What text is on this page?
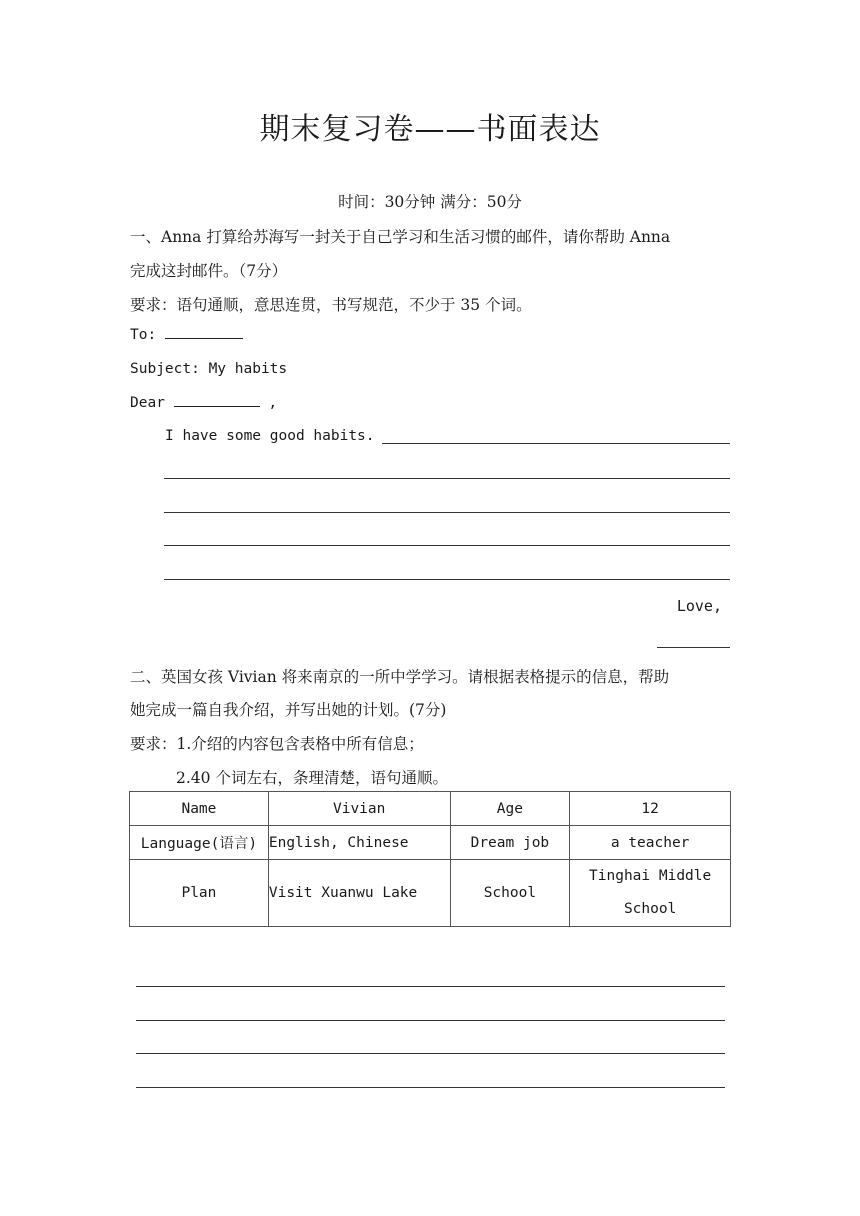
期末复习卷——书面表达
时间：30分钟 满分：50分
一、Anna 打算给苏海写一封关于自己学习和生活习惯的邮件，请你帮助 Anna
完成这封邮件。（7分）
要求：语句通顺，意思连贯，书写规范，不少于 35 个词。
To:
Subject: My habits
Dear	,
I have some good habits.
Love,
二、英国女孩 Vivian 将来南京的一所中学学习。请根据表格提示的信息，帮助
她完成一篇自我介绍，并写出她的计划。(7分)
要求：1.介绍的内容包含表格中所有信息；
2.40 个词左右，条理清楚，语句通顺。
Name	Vivian	Age	12
Language(语言)	English, Chinese	Dream job	a teacher
Plan	Visit Xuanwu Lake	School	Tinghai Middle School
